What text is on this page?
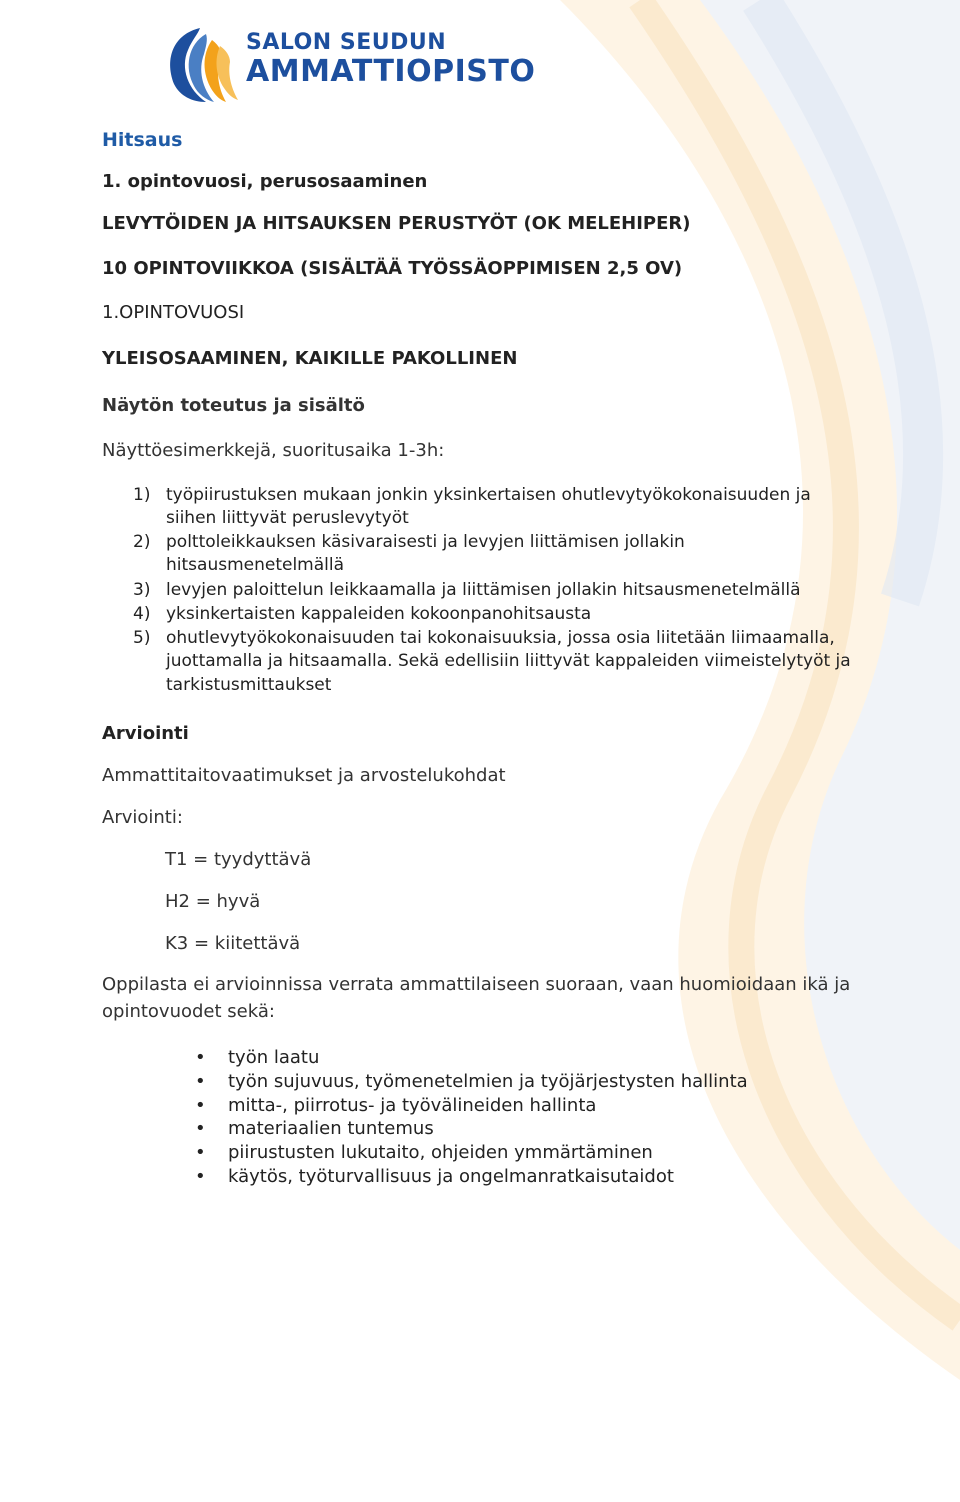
SALON SEUDUN
AMMATTIOPISTO
Hitsaus
1. opintovuosi, perusosaaminen
LEVYTÖIDEN JA HITSAUKSEN PERUSTYÖT (OK MELEHIPER)
10 OPINTOVIIKKOA (SISÄLTÄÄ TYÖSSÄOPPIMISEN 2,5 OV)
1.OPINTOVUOSI
YLEISOSAAMINEN, KAIKILLE PAKOLLINEN
Näytön toteutus ja sisältö
Näyttöesimerkkejä, suoritusaika 1-3h:
1) työpiirustuksen mukaan jonkin yksinkertaisen ohutlevytyökokonaisuuden ja
siihen liittyvät peruslevytyöt
2) polttoleikkauksen käsivaraisesti ja levyjen liittämisen jollakin
hitsausmenetelmällä
3) levyjen paloittelun leikkaamalla ja liittämisen jollakin hitsausmenetelmällä
4) yksinkertaisten kappaleiden kokoonpanohitsausta
5) ohutlevytyökokonaisuuden tai kokonaisuuksia, jossa osia liitetään liimaamalla,
juottamalla ja hitsaamalla. Sekä edellisiin liittyvät kappaleiden viimeistelytyöt ja
tarkistusmittaukset
Arviointi
Ammattitaitovaatimukset ja arvostelukohdat
Arviointi:
T1 = tyydyttävä
H2 = hyvä
K3 = kiitettävä
Oppilasta ei arvioinnissa verrata ammattilaiseen suoraan, vaan huomioidaan ikä ja
opintovuodet sekä:
• työn laatu
• työn sujuvuus, työmenetelmien ja työjärjestysten hallinta
• mitta-, piirrotus- ja työvälineiden hallinta
• materiaalien tuntemus
• piirustusten lukutaito, ohjeiden ymmärtäminen
• käytös, työturvallisuus ja ongelmanratkaisutaidot
